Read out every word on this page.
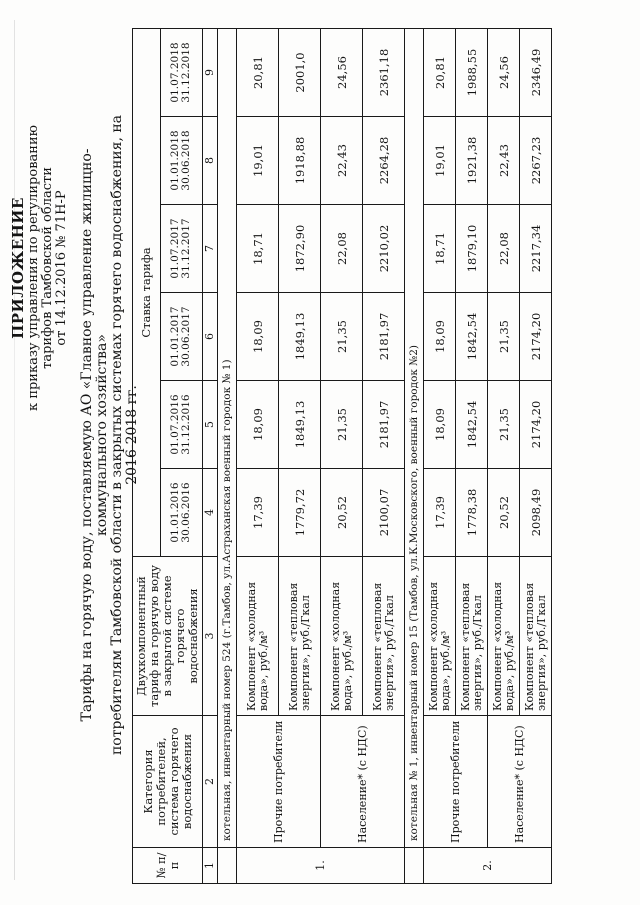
ПРИЛОЖЕНИЕ к приказу управления по регулированию тарифов Тамбовской области от 14.12.2016 № 71Н-Р Тарифы на горячую воду, поставляемую АО «Главное управление жилищно-коммунального хозяйства» потребителям Тамбовской области в закрытых системах горячего водоснабжения, на 2016-2018 гг.
№ п/п	Категория потребителей, система горячего водоснабжения	Двухкомпонентный тариф на горячую воду в закрытой системе горячего водоснабжения	Ставка тарифа					
			01.01.2016 30.06.2016	01.07.2016 31.12.2016	01.01.2017 30.06.2017	01.07.2017 31.12.2017	01.01.2018 30.06.2018	01.07.2018 31.12.2018
1	2	3	4	5	6	7	8	9
	котельная, инвентарный номер 524 (г.Тамбов, ул.Астраханская военный городок № 1)							
1.	Прочие потребители	Компонент «холодная вода», руб./м³	17,39	18,09	18,09	18,71	19,01	20,81
		Компонент «тепловая энергия», руб./Гкал	1779,72	1849,13	1849,13	1872,90	1918,88	2001,0
	Население* (с НДС)	Компонент «холодная вода», руб./м³	20,52	21,35	21,35	22,08	22,43	24,56
		Компонент «тепловая энергия», руб./Гкал	2100,07	2181,97	2181,97	2210,02	2264,28	2361,18
	котельная № 1, инвентарный номер 15 (Тамбов, ул.К.Московского, военный городок №2)							
2.	Прочие потребители	Компонент «холодная вода», руб./м³	17,39	18,09	18,09	18,71	19,01	20,81
		Компонент «тепловая энергия», руб./Гкал	1778,38	1842,54	1842,54	1879,10	1921,38	1988,55
	Население* (с НДС)	Компонент «холодная вода», руб./м³	20,52	21,35	21,35	22,08	22,43	24,56
		Компонент «тепловая энергия», руб./Гкал	2098,49	2174,20	2174,20	2217,34	2267,23	2346,49
